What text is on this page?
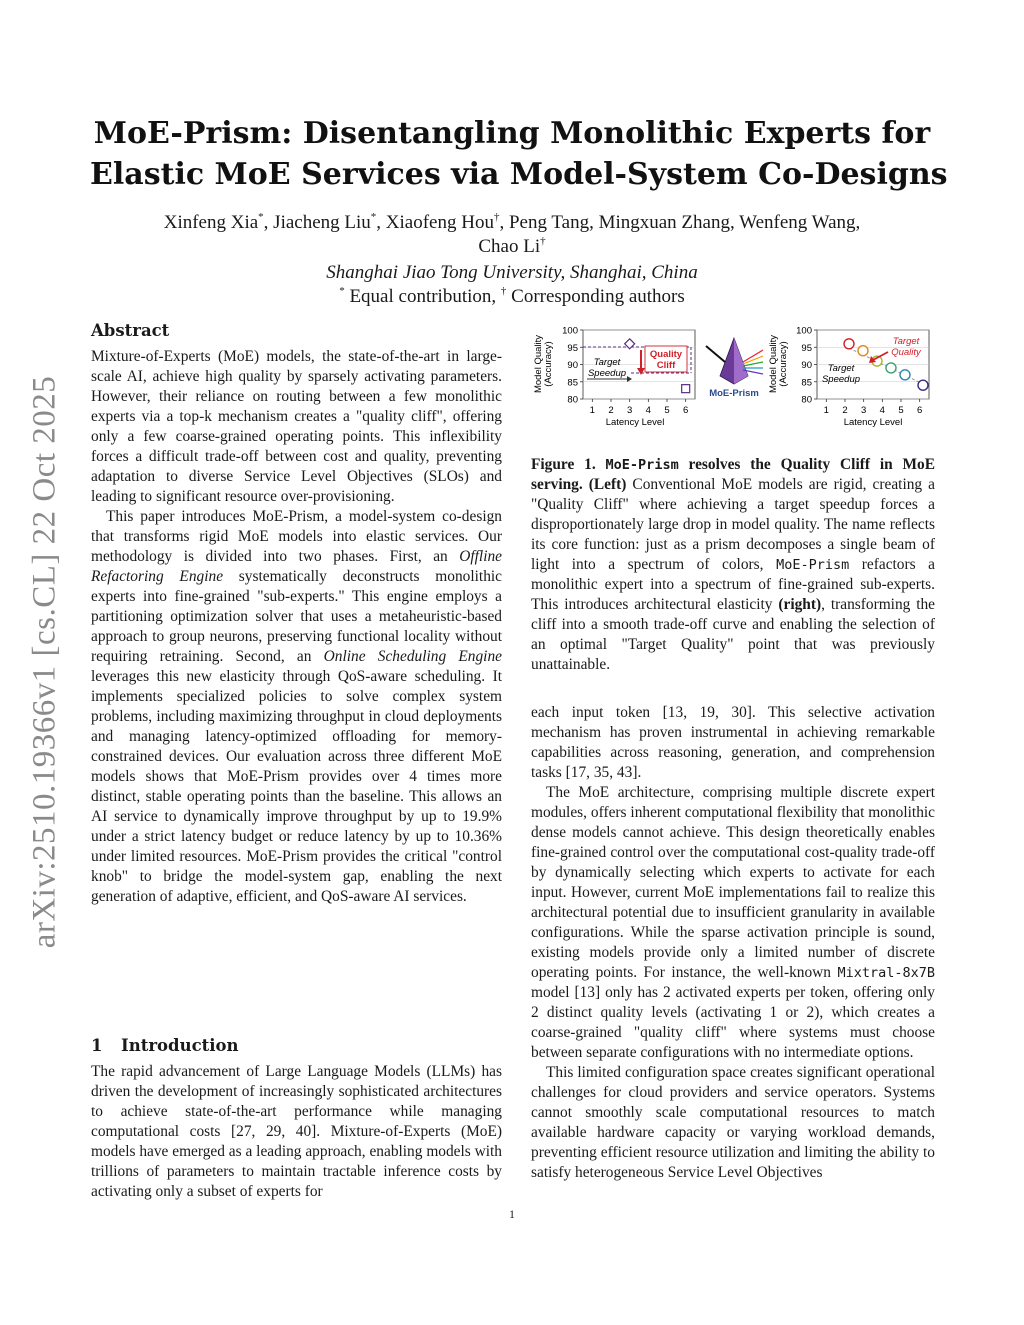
arXiv:2510.19366v1 [cs.CL] 22 Oct 2025
MoE-Prism: Disentangling Monolithic Experts for
Elastic MoE Services via Model-System Co-Designs
Xinfeng Xia*, Jiacheng Liu*, Xiaofeng Hou†, Peng Tang, Mingxuan Zhang, Wenfeng Wang,
Chao Li†
Shanghai Jiao Tong University, Shanghai, China
* Equal contribution, † Corresponding authors
Abstract

Mixture-of-Experts (MoE) models, the state-of-the-art in large-scale AI, achieve high quality by sparsely activating parameters. However, their reliance on routing between a few monolithic experts via a top-k mechanism creates a "quality cliff", offering only a few coarse-grained operating points. This inflexibility forces a difficult trade-off between cost and quality, preventing adaptation to diverse Service Level Objectives (SLOs) and leading to significant resource over-provisioning.

This paper introduces MoE-Prism, a model-system co-design that transforms rigid MoE models into elastic services. Our methodology is divided into two phases. First, an Offline Refactoring Engine systematically deconstructs monolithic experts into fine-grained "sub-experts." This engine employs a partitioning optimization solver that uses a metaheuristic-based approach to group neurons, preserving functional locality without requiring retraining. Second, an Online Scheduling Engine leverages this new elasticity through QoS-aware scheduling. It implements specialized policies to solve complex system problems, including maximizing throughput in cloud deployments and managing latency-optimized offloading for memory-constrained devices. Our evaluation across three different MoE models shows that MoE-Prism provides over 4 times more distinct, stable operating points than the baseline. This allows an AI service to dynamically improve throughput by up to 19.9% under a strict latency budget or reduce latency by up to 10.36% under limited resources. MoE-Prism provides the critical "control knob" to bridge the model-system gap, enabling the next generation of adaptive, efficient, and QoS-aware AI services.

1 Introduction

The rapid advancement of Large Language Models (LLMs) has driven the development of increasingly sophisticated architectures to achieve state-of-the-art performance while managing computational costs [27, 29, 40]. Mixture-of-Experts (MoE) models have emerged as a leading approach, enabling models with trillions of parameters to maintain tractable inference costs by activating only a subset of experts for

100
95
90
85
80
1 2 3 4 5 6
Model Quality (Accuracy)
Latency Level
Quality
Cliff
Target
Speedup
MoE-Prism
100
95
90
85
80
1 2 3 4 5 6
Model Quality (Accuracy)
Latency Level
Target
Quality
Target
Speedup

Figure 1. MoE-Prism resolves the Quality Cliff in MoE serving. (Left) Conventional MoE models are rigid, creating a "Quality Cliff" where achieving a target speedup forces a disproportionately large drop in model quality. The name reflects its core function: just as a prism decomposes a single beam of light into a spectrum of colors, MoE-Prism refactors a monolithic expert into a spectrum of fine-grained sub-experts. This introduces architectural elasticity (right), transforming the cliff into a smooth trade-off curve and enabling the selection of an optimal "Target Quality" point that was previously unattainable.

each input token [13, 19, 30]. This selective activation mechanism has proven instrumental in achieving remarkable capabilities across reasoning, generation, and comprehension tasks [17, 35, 43].

The MoE architecture, comprising multiple discrete expert modules, offers inherent computational flexibility that monolithic dense models cannot achieve. This design theoretically enables fine-grained control over the computational cost-quality trade-off by dynamically selecting which experts to activate for each input. However, current MoE implementations fail to realize this architectural potential due to insufficient granularity in available configurations. While the sparse activation principle is sound, existing models provide only a limited number of discrete operating points. For instance, the well-known Mixtral-8x7B model [13] only has 2 activated experts per token, offering only 2 distinct quality levels (activating 1 or 2), which creates a coarse-grained "quality cliff" where systems must choose between separate configurations with no intermediate options.

This limited configuration space creates significant operational challenges for cloud providers and service operators. Systems cannot smoothly scale computational resources to match available hardware capacity or varying workload demands, preventing efficient resource utilization and limiting the ability to satisfy heterogeneous Service Level Objectives

1
